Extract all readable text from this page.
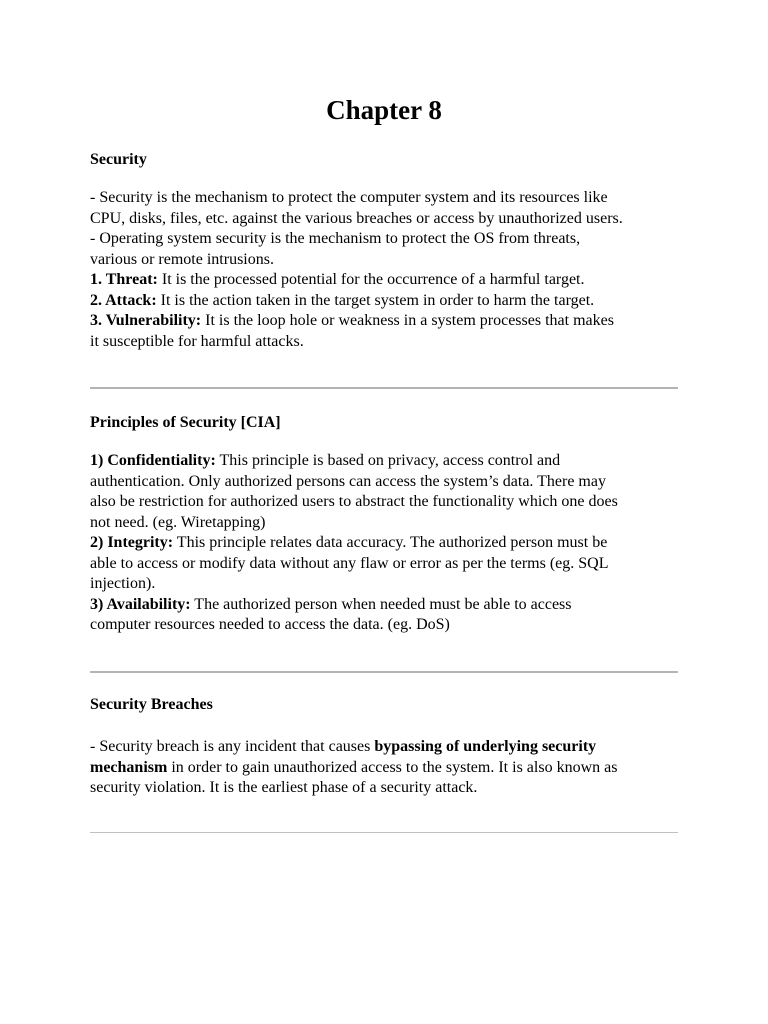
Chapter 8
Security
- Security is the mechanism to protect the computer system and its resources like
CPU, disks, files, etc. against the various breaches or access by unauthorized users.
- Operating system security is the mechanism to protect the OS from threats,
various or remote intrusions.
1. Threat: It is the processed potential for the occurrence of a harmful target.
2. Attack: It is the action taken in the target system in order to harm the target.
3. Vulnerability: It is the loop hole or weakness in a system processes that makes
it susceptible for harmful attacks.
Principles of Security [CIA]
1) Confidentiality: This principle is based on privacy, access control and
authentication. Only authorized persons can access the system’s data. There may
also be restriction for authorized users to abstract the functionality which one does
not need. (eg. Wiretapping)
2) Integrity: This principle relates data accuracy. The authorized person must be
able to access or modify data without any flaw or error as per the terms (eg. SQL
injection).
3) Availability: The authorized person when needed must be able to access
computer resources needed to access the data. (eg. DoS)
Security Breaches
- Security breach is any incident that causes bypassing of underlying security
mechanism in order to gain unauthorized access to the system. It is also known as
security violation. It is the earliest phase of a security attack.
